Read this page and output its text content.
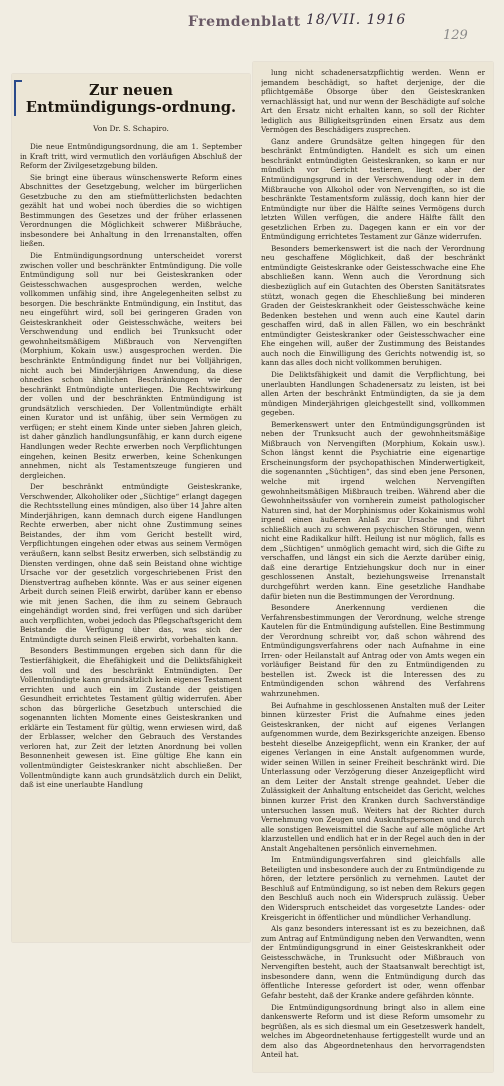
Fremdenblatt 18/VII. 1916
129
Zur neuen Entmündigungs-ordnung.
Von Dr. S. Schapiro.

Die neue Entmündigungsordnung, die am 1. September in Kraft tritt, wird vermutlich den vorläufigen Abschluß der Reform der Zivilgesetzgebung bilden.

Sie bringt eine überaus wünschenswerte Reform eines Abschnittes der Gesetzgebung, welcher im bürgerlichen Gesetzbuche zu den am stiefmütterlichsten bedachten gezählt hat und wobei noch überdies die so wichtigen Bestimmungen des Gesetzes und der früher erlassenen Verordnungen die Möglichkeit schwerer Mißbräuche, insbesondere bei Anhaltung in den Irrenanstalten, offen ließen.

Die Entmündigungsordnung unterscheidet vorerst zwischen voller und beschränkter Entmündigung. Die volle Entmündigung soll nur bei Geisteskranken oder Geistesschwachen ausgesprochen werden, welche vollkommen unfähig sind, ihre Angelegenheiten selbst zu besorgen. Die beschränkte Entmündigung, ein Institut, das neu eingeführt wird, soll bei geringeren Graden von Geisteskrankheit oder Geistesschwäche, weiters bei Verschwendung und endlich bei Trunksucht oder gewohnheitsmäßigem Mißbrauch von Nervengiften (Morphium, Kokain usw.) ausgesprochen werden. Die beschränkte Entmündigung findet nur bei Volljährigen, nicht auch bei Minderjährigen Anwendung, da diese ohnedies schon ähnlichen Beschränkungen wie der beschränkt Entmündigte unterliegen. Die Rechtswirkung der vollen und der beschränkten Entmündigung ist grundsätzlich verschieden. Der Vollentmündigte erhält einen Kurator und ist unfähig, über sein Vermögen zu verfügen; er steht einem Kinde unter sieben Jahren gleich, ist daher gänzlich handlungsunfähig, er kann durch eigene Handlungen weder Rechte erwerben noch Verpflichtungen eingehen, keinen Besitz erwerben, keine Schenkungen annehmen, nicht als Testamentszeuge fungieren und dergleichen.

Der beschränkt entmündigte Geisteskranke, Verschwender, Alkoholiker oder „Süchtige“ erlangt dagegen die Rechtsstellung eines mündigen, also über 14 Jahre alten Minderjährigen, kann demnach durch eigene Handlungen Rechte erwerben, aber nicht ohne Zustimmung seines Beistandes, der ihm vom Gericht bestellt wird, Verpflichtungen eingehen oder etwas aus seinem Vermögen veräußern, kann selbst Besitz erwerben, sich selbständig zu Diensten verdingen, ohne daß sein Beistand ohne wichtige Ursache vor der gesetzlich vorgeschriebenen Frist den Dienstvertrag aufheben könnte. Was er aus seiner eigenen Arbeit durch seinen Fleiß erwirbt, darüber kann er ebenso wie mit jenen Sachen, die ihm zu seinem Gebrauch eingehändigt worden sind, frei verfügen und sich darüber auch verpflichten, wobei jedoch das Pflegschaftsgericht dem Beistande die Verfügung über das, was sich der Entmündigte durch seinen Fleiß erwirbt, vorbehalten kann.

Besonders Bestimmungen ergeben sich dann für die Testierfähigkeit, die Ehefähigkeit und die Deliktsfähigkeit des voll und des beschränkt Entmündigten. Der Vollentmündigte kann grundsätzlich kein eigenes Testament errichten und auch ein im Zustande der geistigen Gesundheit errichtetes Testament gültig widerrufen. Aber schon das bürgerliche Gesetzbuch unterschied die sogenannten lichten Momente eines Geisteskranken und erklärte ein Testament für gültig, wenn erwiesen wird, daß der Erblasser, welcher den Gebrauch des Verstandes verloren hat, zur Zeit der letzten Anordnung bei vollen Besonnenheit gewesen ist. Eine gültige Ehe kann ein vollentmündigter Geisteskranker nicht abschließen. Der Vollentmündigte kann auch grundsätzlich durch ein Delikt, daß ist eine unerlaubte Handlung

lung nicht schadenersatzpflichtig werden. Wenn er jemandem beschädigt, so haftet derjenige, der die pflichtgemäße Obsorge über den Geisteskranken vernachlässigt hat, und nur wenn der Beschädigte auf solche Art den Ersatz nicht erhalten kann, so soll der Richter lediglich aus Billigkeitsgründen einen Ersatz aus dem Vermögen des Beschädigers zusprechen.

Ganz andere Grundsätze gelten hingegen für den beschränkt Entmündigten. Handelt es sich um einen beschränkt entmündigten Geisteskranken, so kann er nur mündlich vor Gericht testieren, liegt aber der Entmündigungsgrund in der Verschwendung oder in dem Mißbrauche von Alkohol oder von Nervengiften, so ist die beschränkte Testamentsform zulässig, doch kann hier der Entmündigte nur über die Hälfte seines Vermögens durch letzten Willen verfügen, die andere Hälfte fällt den gesetzlichen Erben zu. Dagegen kann er ein vor der Entmündigung errichtetes Testament zur Gänze widerrufen.

Besonders bemerkenswert ist die nach der Verordnung neu geschaffene Möglichkeit, daß der beschränkt entmündigte Geisteskranke oder Geistesschwache eine Ehe abschließen kann. Wenn auch die Verordnung sich diesbezüglich auf ein Gutachten des Obersten Sanitätsrates stützt, wonach gegen die Eheschließung bei minderen Graden der Geisteskrankheit oder Geistesschwäche keine Bedenken bestehen und wenn auch eine Kautel darin geschaffen wird, daß in allen Fällen, wo ein beschränkt entmündigter Geisteskranker oder Geistesschwacher eine Ehe eingehen will, außer der Zustimmung des Beistandes auch noch die Einwilligung des Gerichts notwendig ist, so kann das alles doch nicht vollkommen beruhigen.

Die Deliktsfähigkeit und damit die Verpflichtung, bei unerlaubten Handlungen Schadenersatz zu leisten, ist bei allen Arten der beschränkt Entmündigten, da sie ja dem mündigen Minderjährigen gleichgestellt sind, vollkommen gegeben.

Bemerkenswert unter den Entmündigungsgründen ist neben der Trunksucht auch der gewohnheitsmäßige Mißbrauch von Nervengiften (Morphium, Kokain usw.). Schon längst kennt die Psychiatrie eine eigenartige Erscheinungsform der psychopathischen Minderwertigkeit, die sogenannten „Süchtigen“, das sind eben jene Personen, welche mit irgend welchen Nervengiften gewohnheitsmäßigen Mißbrauch treiben. Während aber die Gewohnheitssäufer von vornherein zumeist pathologischer Naturen sind, hat der Morphinismus oder Kokainismus wohl irgend einen äußeren Anlaß zur Ursache und führt schließlich auch zu schweren psychischen Störungen, wenn nicht eine Radikalkur hilft. Heilung ist nur möglich, falls es dem „Süchtigen“ unmöglich gemacht wird, sich die Gifte zu verschaffen, und längst ein sich die Aerzte darüber einig, daß eine derartige Entziehungskur doch nur in einer geschlossenen Anstalt, beziehungsweise Irrenanstalt durchgeführt werden kann. Eine gesetzliche Handhabe dafür bieten nun die Bestimmungen der Verordnung.

Besondere Anerkennung verdienen die Verfahrensbestimmungen der Verordnung, welche strenge Kautelen für die Entmündigung aufstellen. Eine Bestimmung der Verordnung schreibt vor, daß schon während des Entmündigungsverfahrens oder nach Aufnahme in eine Irren- oder Heilanstalt auf Antrag oder von Amts wegen ein vorläufiger Beistand für den zu Entmündigenden zu bestellen ist. Zweck ist die Interessen des zu Entmündigenden schon während des Verfahrens wahrzunehmen.

Bei Aufnahme in geschlossenen Anstalten muß der Leiter binnen kürzester Frist die Aufnahme eines jeden Geisteskranken, der nicht auf eigenes Verlangen aufgenommen wurde, dem Bezirksgerichte anzeigen. Ebenso besteht dieselbe Anzeigepflicht, wenn ein Kranker, der auf eigenes Verlangen in eine Anstalt aufgenommen wurde, wider seinen Willen in seiner Freiheit beschränkt wird. Die Unterlassung oder Verzögerung dieser Anzeigepflicht wird an dem Leiter der Anstalt strenge geahndet. Ueber die Zulässigkeit der Anhaltung entscheidet das Gericht, welches binnen kurzer Frist den Kranken durch Sachverständige untersuchen lassen muß. Weiters hat der Richter durch Vernehmung von Zeugen und Auskunftspersonen und durch alle sonstigen Beweismittel die Sache auf alle mögliche Art klarzustellen und endlich hat er in der Regel auch den in der Anstalt Angehaltenen persönlich einvernehmen.

Im Entmündigungsverfahren sind gleichfalls alle Beteiligten und insbesondere auch der zu Entmündigende zu hören, der letztere persönlich zu vernehmen. Lautet der Beschluß auf Entmündigung, so ist neben dem Rekurs gegen den Beschluß auch noch ein Widerspruch zulässig. Ueber den Widerspruch entscheidet das vorgesetzte Landes- oder Kreisgericht in öffentlicher und mündlicher Verhandlung.

Als ganz besonders interessant ist es zu bezeichnen, daß zum Antrag auf Entmündigung neben den Verwandten, wenn der Entmündigungsgrund in einer Geisteskrankheit oder Geistesschwäche, in Trunksucht oder Mißbrauch von Nervengiften besteht, auch der Staatsanwalt berechtigt ist, insbesondere dann, wenn die Entmündigung durch das öffentliche Interesse gefordert ist oder, wenn offenbar Gefahr besteht, daß der Kranke andere gefährden könnte.

Die Entmündigungsordnung bringt also in allem eine dankenswerte Reform und ist diese Reform umsomehr zu begrüßen, als es sich diesmal um ein Gesetzeswerk handelt, welches im Abgeordnetenhause fertiggestellt wurde und an dem also das Abgeordnetenhaus den hervorragendsten Anteil hat.
